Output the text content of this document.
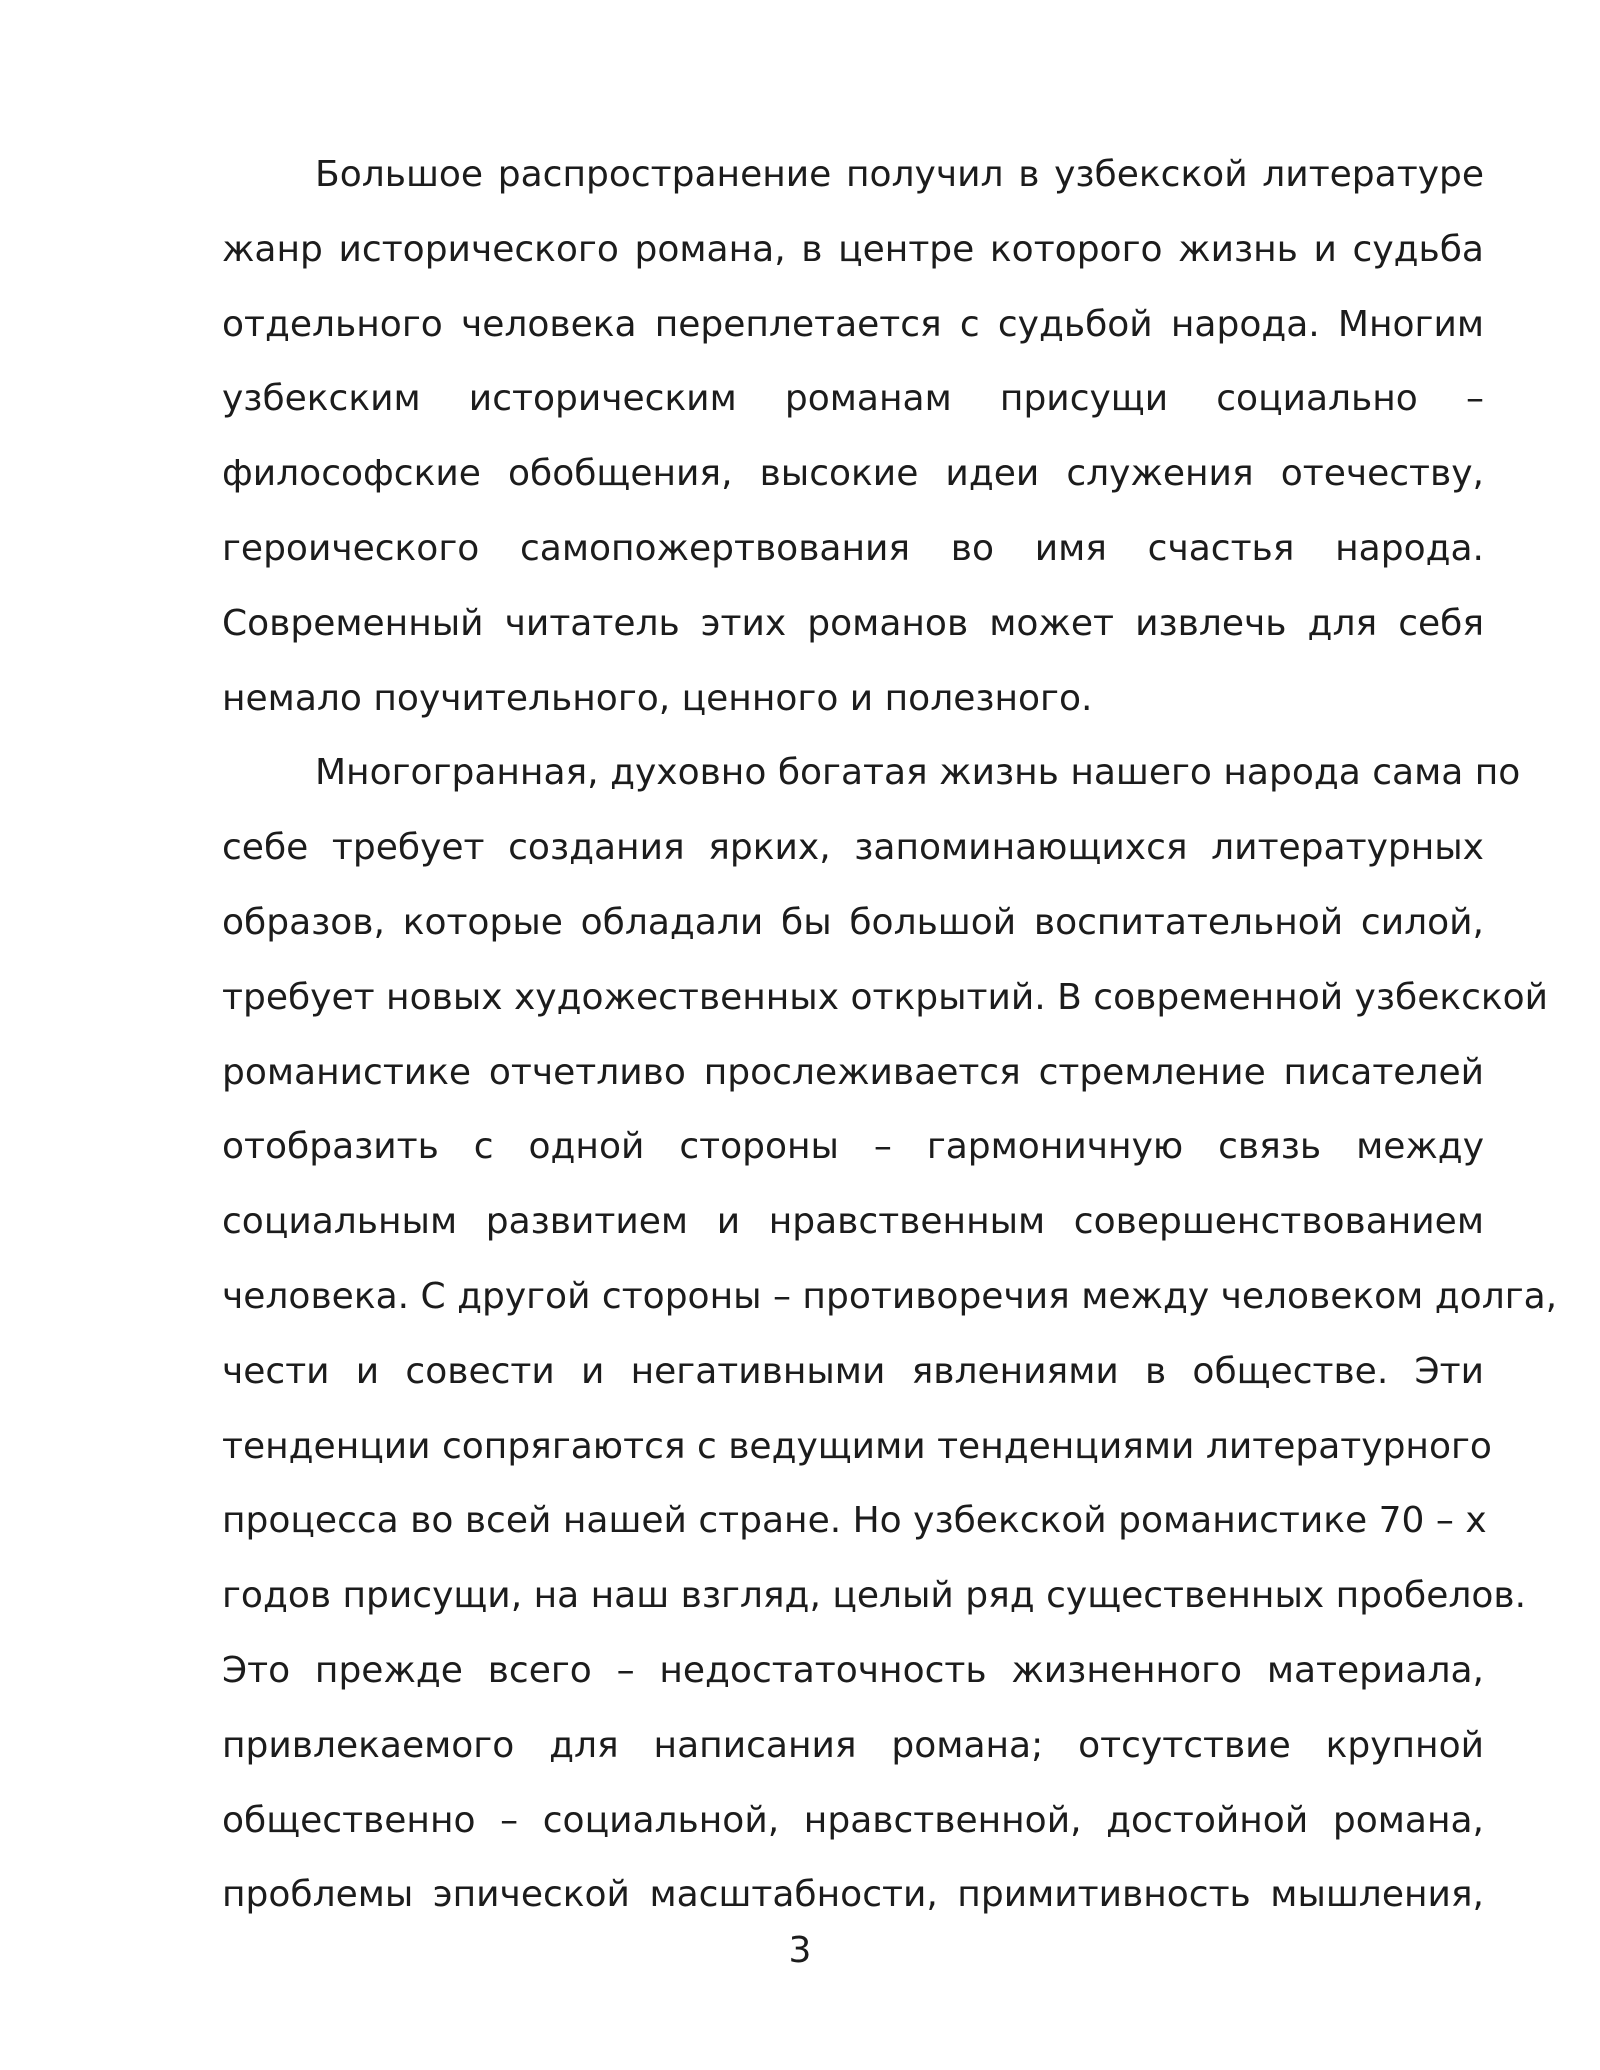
Большое распространение получил в узбекской литературе
жанр исторического романа, в центре которого жизнь и судьба
отдельного человека переплетается с судьбой народа. Многим
узбекским историческим романам присущи социально –
философские обобщения, высокие идеи служения отечеству,
героического самопожертвования во имя счастья народа.
Современный читатель этих романов может извлечь для себя
немало поучительного, ценного и полезного.
Многогранная, духовно богатая жизнь нашего народа сама по
себе требует создания ярких, запоминающихся литературных
образов, которые обладали бы большой воспитательной силой,
требует новых художественных открытий. В современной узбекской
романистике отчетливо прослеживается стремление писателей
отобразить с одной стороны – гармоничную связь между
социальным развитием и нравственным совершенствованием
человека. С другой стороны – противоречия между человеком долга,
чести и совести и негативными явлениями в обществе. Эти
тенденции сопрягаются с ведущими тенденциями литературного
процесса во всей нашей стране. Но узбекской романистике 70 – х
годов присущи, на наш взгляд, целый ряд существенных пробелов.
Это прежде всего – недостаточность жизненного материала,
привлекаемого для написания романа; отсутствие крупной
общественно – социальной, нравственной, достойной романа,
проблемы эпической масштабности, примитивность мышления,
3
